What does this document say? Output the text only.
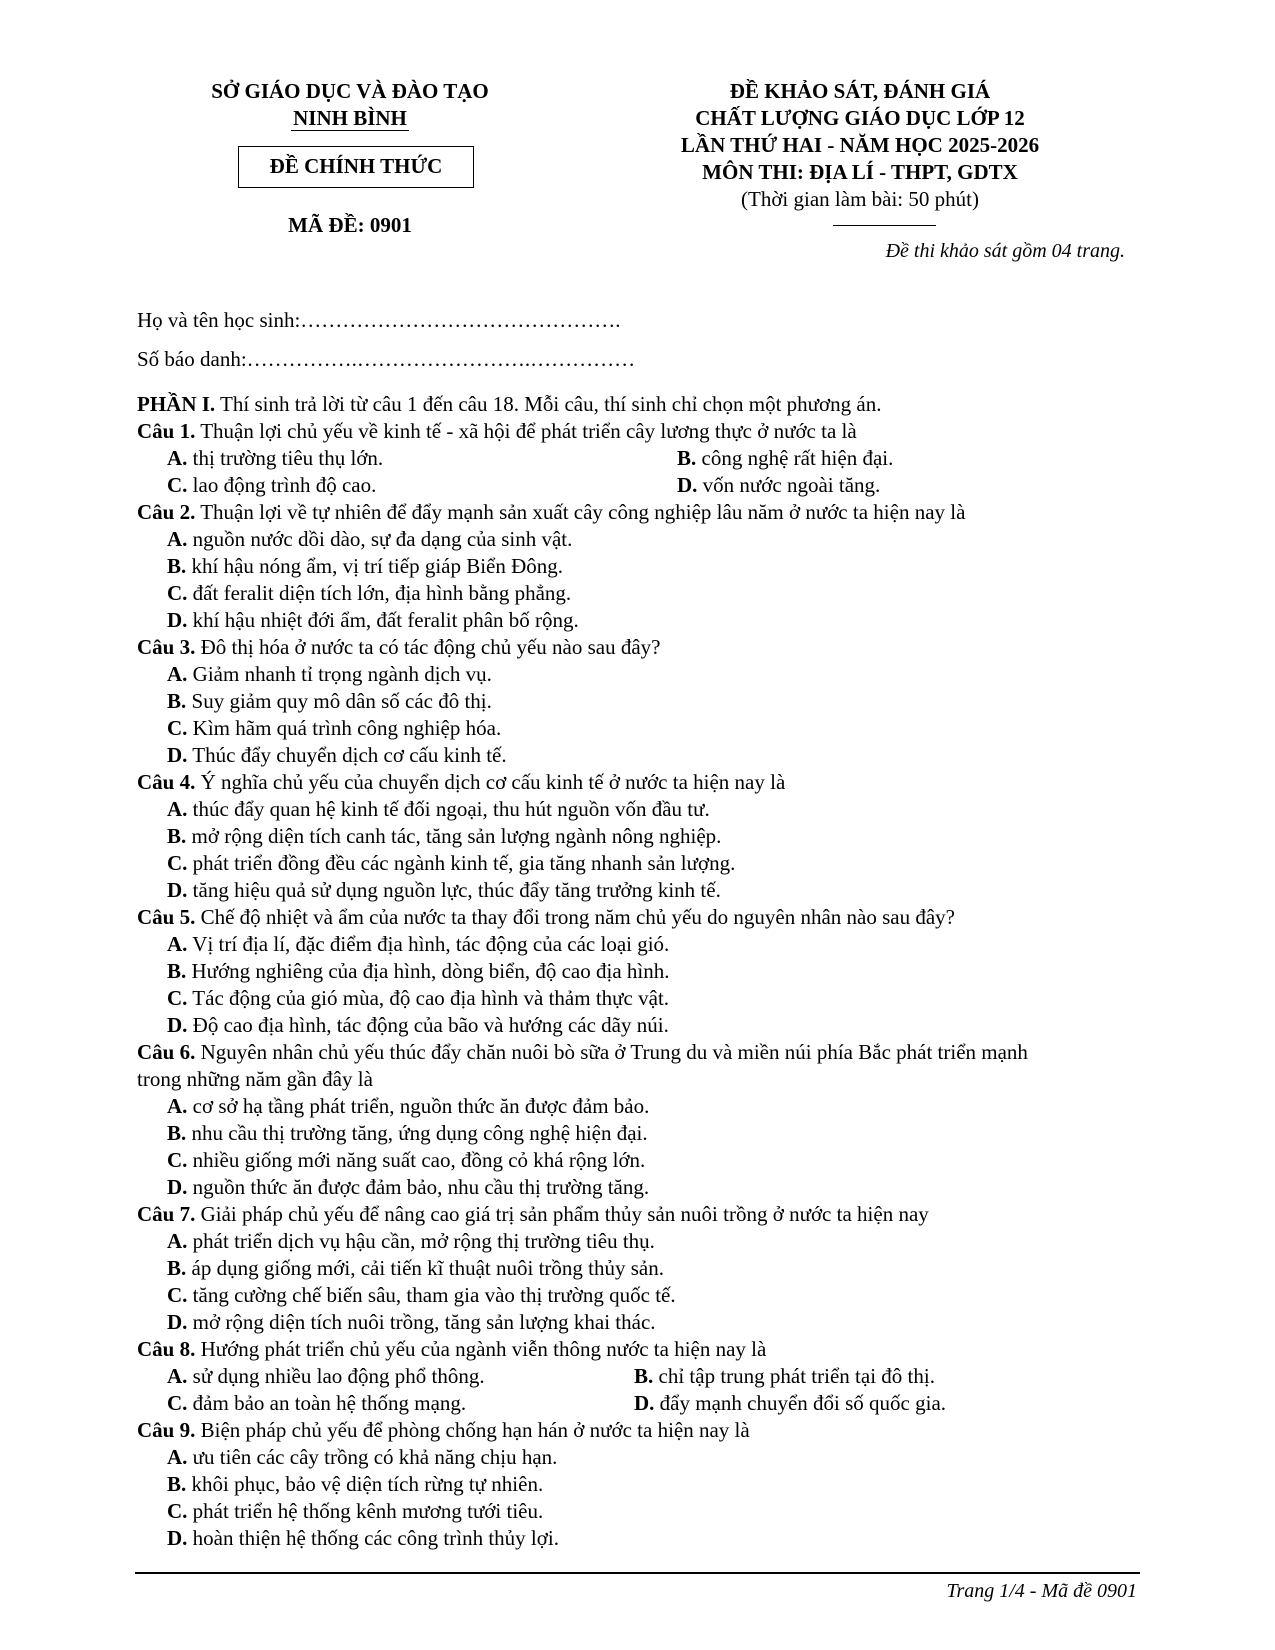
SỞ GIÁO DỤC VÀ ĐÀO TẠO
NINH BÌNH
ĐỀ CHÍNH THỨC
MÃ ĐỀ: 0901
ĐỀ KHẢO SÁT, ĐÁNH GIÁ
CHẤT LƯỢNG GIÁO DỤC LỚP 12
LẦN THỨ HAI - NĂM HỌC 2025-2026
MÔN THI: ĐỊA LÍ - THPT, GDTX
(Thời gian làm bài: 50 phút)
Đề thi khảo sát gồm 04 trang.
Họ và tên học sinh:……………………………………….
Số báo danh:…………….…………………….……………
PHẦN I. Thí sinh trả lời từ câu 1 đến câu 18. Mỗi câu, thí sinh chỉ chọn một phương án.
Câu 1. Thuận lợi chủ yếu về kinh tế - xã hội để phát triển cây lương thực ở nước ta là
A. thị trường tiêu thụ lớn.	B. công nghệ rất hiện đại.
C. lao động trình độ cao.	D. vốn nước ngoài tăng.
Câu 2. Thuận lợi về tự nhiên để đẩy mạnh sản xuất cây công nghiệp lâu năm ở nước ta hiện nay là
A. nguồn nước dồi dào, sự đa dạng của sinh vật.
B. khí hậu nóng ẩm, vị trí tiếp giáp Biển Đông.
C. đất feralit diện tích lớn, địa hình bằng phẳng.
D. khí hậu nhiệt đới ẩm, đất feralit phân bố rộng.
Câu 3. Đô thị hóa ở nước ta có tác động chủ yếu nào sau đây?
A. Giảm nhanh tỉ trọng ngành dịch vụ.
B. Suy giảm quy mô dân số các đô thị.
C. Kìm hãm quá trình công nghiệp hóa.
D. Thúc đẩy chuyển dịch cơ cấu kinh tế.
Câu 4. Ý nghĩa chủ yếu của chuyển dịch cơ cấu kinh tế ở nước ta hiện nay là
A. thúc đẩy quan hệ kinh tế đối ngoại, thu hút nguồn vốn đầu tư.
B. mở rộng diện tích canh tác, tăng sản lượng ngành nông nghiệp.
C. phát triển đồng đều các ngành kinh tế, gia tăng nhanh sản lượng.
D. tăng hiệu quả sử dụng nguồn lực, thúc đẩy tăng trưởng kinh tế.
Câu 5. Chế độ nhiệt và ẩm của nước ta thay đổi trong năm chủ yếu do nguyên nhân nào sau đây?
A. Vị trí địa lí, đặc điểm địa hình, tác động của các loại gió.
B. Hướng nghiêng của địa hình, dòng biển, độ cao địa hình.
C. Tác động của gió mùa, độ cao địa hình và thảm thực vật.
D. Độ cao địa hình, tác động của bão và hướng các dãy núi.
Câu 6. Nguyên nhân chủ yếu thúc đẩy chăn nuôi bò sữa ở Trung du và miền núi phía Bắc phát triển mạnh
trong những năm gần đây là
A. cơ sở hạ tầng phát triển, nguồn thức ăn được đảm bảo.
B. nhu cầu thị trường tăng, ứng dụng công nghệ hiện đại.
C. nhiều giống mới năng suất cao, đồng cỏ khá rộng lớn.
D. nguồn thức ăn được đảm bảo, nhu cầu thị trường tăng.
Câu 7. Giải pháp chủ yếu để nâng cao giá trị sản phẩm thủy sản nuôi trồng ở nước ta hiện nay
A. phát triển dịch vụ hậu cần, mở rộng thị trường tiêu thụ.
B. áp dụng giống mới, cải tiến kĩ thuật nuôi trồng thủy sản.
C. tăng cường chế biến sâu, tham gia vào thị trường quốc tế.
D. mở rộng diện tích nuôi trồng, tăng sản lượng khai thác.
Câu 8. Hướng phát triển chủ yếu của ngành viễn thông nước ta hiện nay là
A. sử dụng nhiều lao động phổ thông.	B. chỉ tập trung phát triển tại đô thị.
C. đảm bảo an toàn hệ thống mạng.	D. đẩy mạnh chuyển đổi số quốc gia.
Câu 9. Biện pháp chủ yếu để phòng chống hạn hán ở nước ta hiện nay là
A. ưu tiên các cây trồng có khả năng chịu hạn.
B. khôi phục, bảo vệ diện tích rừng tự nhiên.
C. phát triển hệ thống kênh mương tưới tiêu.
D. hoàn thiện hệ thống các công trình thủy lợi.
Trang 1/4 - Mã đề 0901
